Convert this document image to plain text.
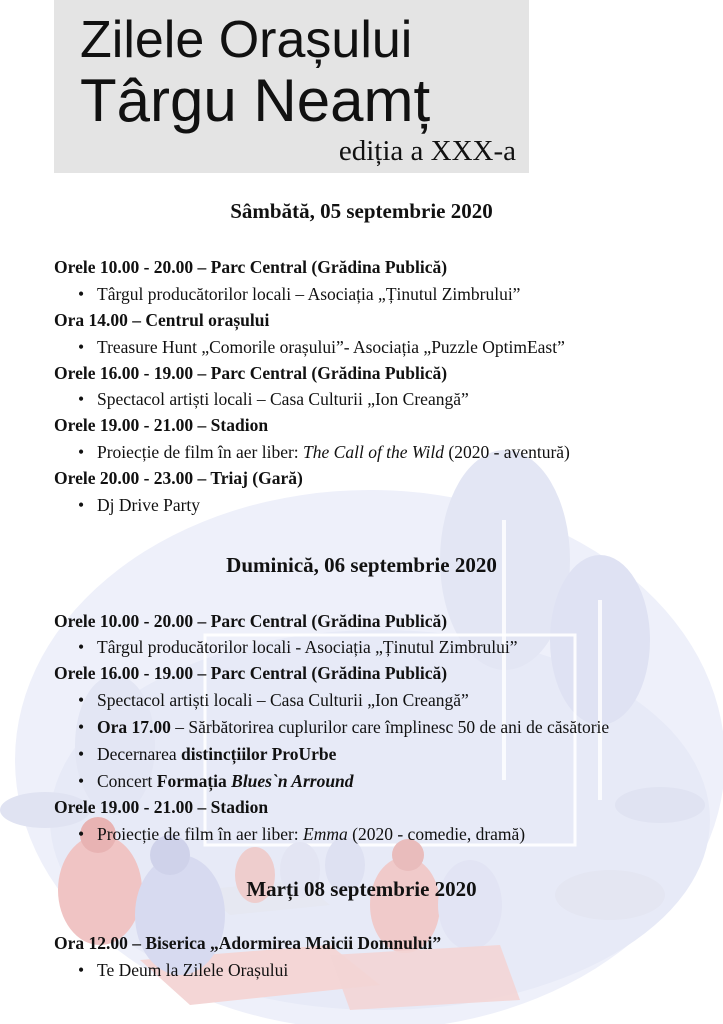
Zilele Orașului
Târgu Neamț
ediția a XXX-a
Sâmbătă, 05 septembrie 2020
Orele 10.00 - 20.00 – Parc Central (Grădina Publică)
•Târgul producătorilor locali – Asociația „Ținutul Zimbrului”
Ora 14.00 – Centrul orașului
•Treasure Hunt „Comorile orașului”- Asociația „Puzzle OptimEast”
Orele 16.00 - 19.00 – Parc Central (Grădina Publică)
•Spectacol artiști locali – Casa Culturii „Ion Creangă”
Orele 19.00 - 21.00 – Stadion
•Proiecție de film în aer liber: The Call of the Wild (2020 - aventură)
Orele 20.00 - 23.00 – Triaj (Gară)
•Dj Drive Party
Duminică, 06 septembrie 2020
Orele 10.00 - 20.00 – Parc Central (Grădina Publică)
•Târgul producătorilor locali - Asociația „Ținutul Zimbrului”
Orele 16.00 - 19.00 – Parc Central (Grădina Publică)
•Spectacol artiști locali – Casa Culturii „Ion Creangă”
•Ora 17.00 – Sărbătorirea cuplurilor care împlinesc 50 de ani de căsătorie
•Decernarea distincțiilor ProUrbe
•Concert Formația Blues`n Arround
Orele 19.00 - 21.00 – Stadion
•Proiecție de film în aer liber: Emma (2020 - comedie, dramă)
Marți 08 septembrie 2020
Ora 12.00 – Biserica „Adormirea Maicii Domnului”
•Te Deum la Zilele Orașului
